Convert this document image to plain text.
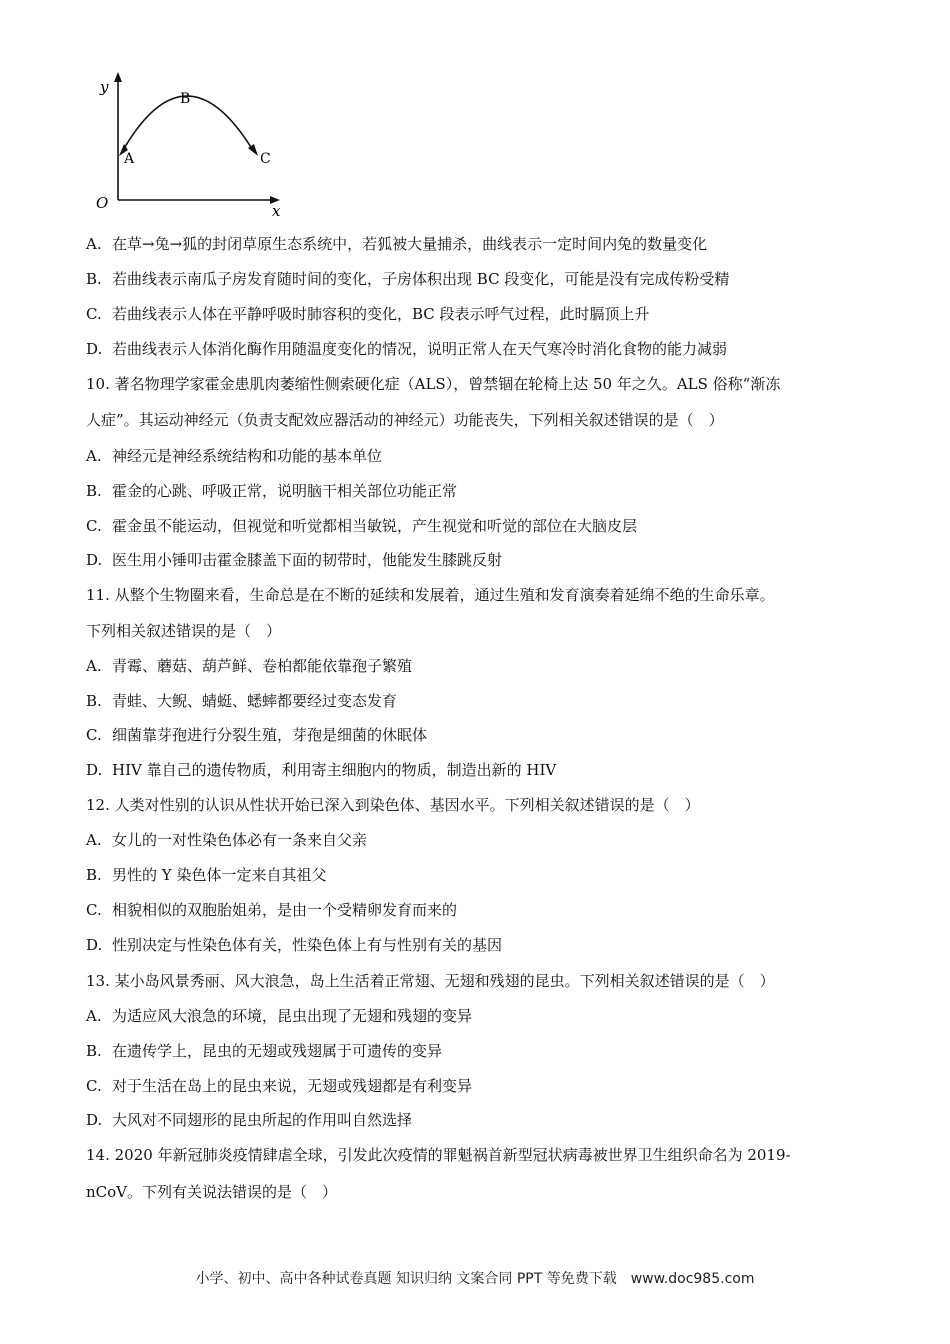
y
x
O
A
B
C
A. 在草→兔→狐的封闭草原生态系统中，若狐被大量捕杀，曲线表示一定时间内兔的数量变化
B. 若曲线表示南瓜子房发育随时间的变化，子房体积出现 BC 段变化，可能是没有完成传粉受精
C. 若曲线表示人体在平静呼吸时肺容积的变化，BC 段表示呼气过程，此时膈顶上升
D. 若曲线表示人体消化酶作用随温度变化的情况，说明正常人在天气寒冷时消化食物的能力减弱
10. 著名物理学家霍金患肌肉萎缩性侧索硬化症（ALS），曾禁锢在轮椅上达 50 年之久。ALS 俗称“渐冻
人症”。其运动神经元（负责支配效应器活动的神经元）功能丧失，下列相关叙述错误的是（　）
A. 神经元是神经系统结构和功能的基本单位
B. 霍金的心跳、呼吸正常，说明脑干相关部位功能正常
C. 霍金虽不能运动，但视觉和听觉都相当敏锐，产生视觉和听觉的部位在大脑皮层
D. 医生用小锤叩击霍金膝盖下面的韧带时，他能发生膝跳反射
11. 从整个生物圈来看，生命总是在不断的延续和发展着，通过生殖和发育演奏着延绵不绝的生命乐章。
下列相关叙述错误的是（　）
A. 青霉、蘑菇、葫芦鲜、卷柏都能依靠孢子繁殖
B. 青蛙、大鲵、蜻蜓、蟋蟀都要经过变态发育
C. 细菌靠芽孢进行分裂生殖，芽孢是细菌的休眠体
D. HIV 靠自己的遗传物质，利用寄主细胞内的物质，制造出新的 HIV
12. 人类对性别的认识从性状开始已深入到染色体、基因水平。下列相关叙述错误的是（　）
A. 女儿的一对性染色体必有一条来自父亲
B. 男性的 Y 染色体一定来自其祖父
C. 相貌相似的双胞胎姐弟，是由一个受精卵发育而来的
D. 性别决定与性染色体有关，性染色体上有与性别有关的基因
13. 某小岛风景秀丽、风大浪急，岛上生活着正常翅、无翅和残翅的昆虫。下列相关叙述错误的是（　）
A. 为适应风大浪急的环境，昆虫出现了无翅和残翅的变异
B. 在遗传学上，昆虫的无翅或残翅属于可遗传的变异
C. 对于生活在岛上的昆虫来说，无翅或残翅都是有利变异
D. 大风对不同翅形的昆虫所起的作用叫自然选择
14. 2020 年新冠肺炎疫情肆虐全球，引发此次疫情的罪魁祸首新型冠状病毒被世界卫生组织命名为 2019-
nCoV。下列有关说法错误的是（　）
小学、初中、高中各种试卷真题 知识归纳 文案合同 PPT 等免费下载　www.doc985.com
